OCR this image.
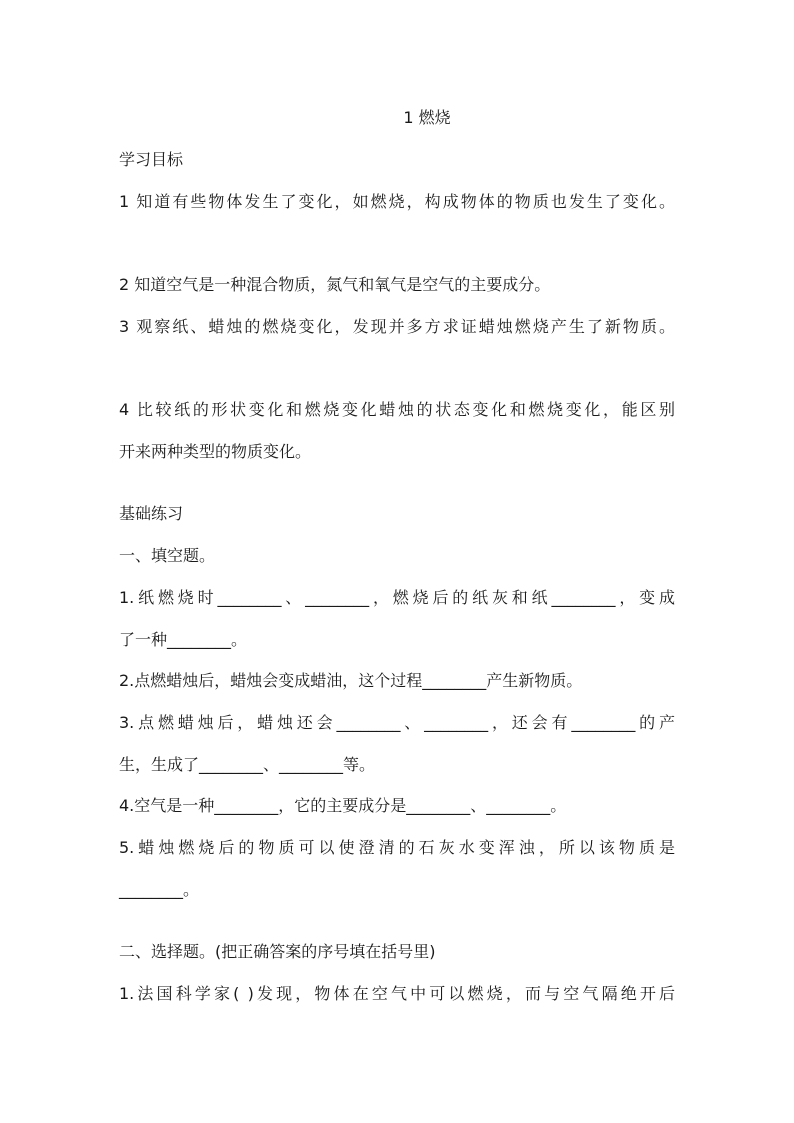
1 燃烧
学习目标
1 知道有些物体发生了变化，如燃烧，构成物体的物质也发生了变化。
2 知道空气是一种混合物质，氮气和氧气是空气的主要成分。
3 观察纸、蜡烛的燃烧变化，发现并多方求证蜡烛燃烧产生了新物质。
4 比较纸的形状变化和燃烧变化蜡烛的状态变化和燃烧变化，能区别
开来两种类型的物质变化。
基础练习
一、填空题。
1.纸燃烧时________、________，燃烧后的纸灰和纸________，变成
了一种________。
2.点燃蜡烛后，蜡烛会变成蜡油，这个过程________产生新物质。
3.点燃蜡烛后，蜡烛还会________、________，还会有________的产
生，生成了________、________等。
4.空气是一种________，它的主要成分是________、________。
5.蜡烛燃烧后的物质可以使澄清的石灰水变浑浊，所以该物质是
________。
二、选择题。(把正确答案的序号填在括号里)
1.法国科学家( )发现，物体在空气中可以燃烧，而与空气隔绝开后
